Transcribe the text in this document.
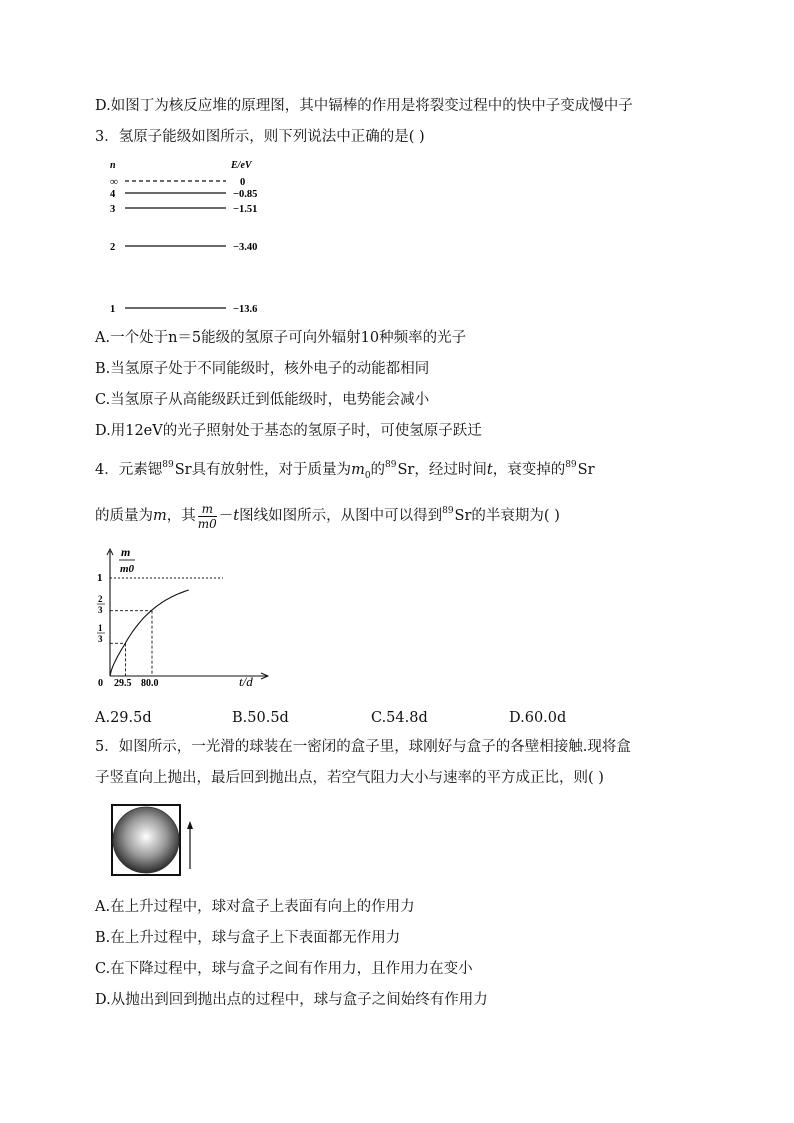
D.如图丁为核反应堆的原理图，其中镉棒的作用是将裂变过程中的快中子变成慢中子
3．氢原子能级如图所示，则下列说法中正确的是( )
n	E/eV
∞	0
4	−0.85
3	−1.51
2	−3.40
1	−13.6
A.一个处于n＝5能级的氢原子可向外辐射10种频率的光子
B.当氢原子处于不同能级时，核外电子的动能都相同
C.当氢原子从高能级跃迁到低能级时，电势能会减小
D.用12eV的光子照射处于基态的氢原子时，可使氢原子跃迁
4．元素锶$^{89}$Sr具有放射性，对于质量为$m_0$的$^{89}$Sr，经过时间t，衰变掉的$^{89}$Sr
的质量为m，其 $\frac{m}{m0} -t$图线如图所示，从图中可以得到$^{89}$Sr的半衰期为( )
m
m0
1
2
3
1
3
0 29.5 80.0	t/d
A.29.5d	B.50.5d	C.54.8d	D.60.0d
5．如图所示，一光滑的球装在一密闭的盒子里，球刚好与盒子的各壁相接触.现将盒
子竖直向上抛出，最后回到抛出点，若空气阻力大小与速率的平方成正比，则( )
A.在上升过程中，球对盒子上表面有向上的作用力
B.在上升过程中，球与盒子上下表面都无作用力
C.在下降过程中，球与盒子之间有作用力，且作用力在变小
D.从抛出到回到抛出点的过程中，球与盒子之间始终有作用力
